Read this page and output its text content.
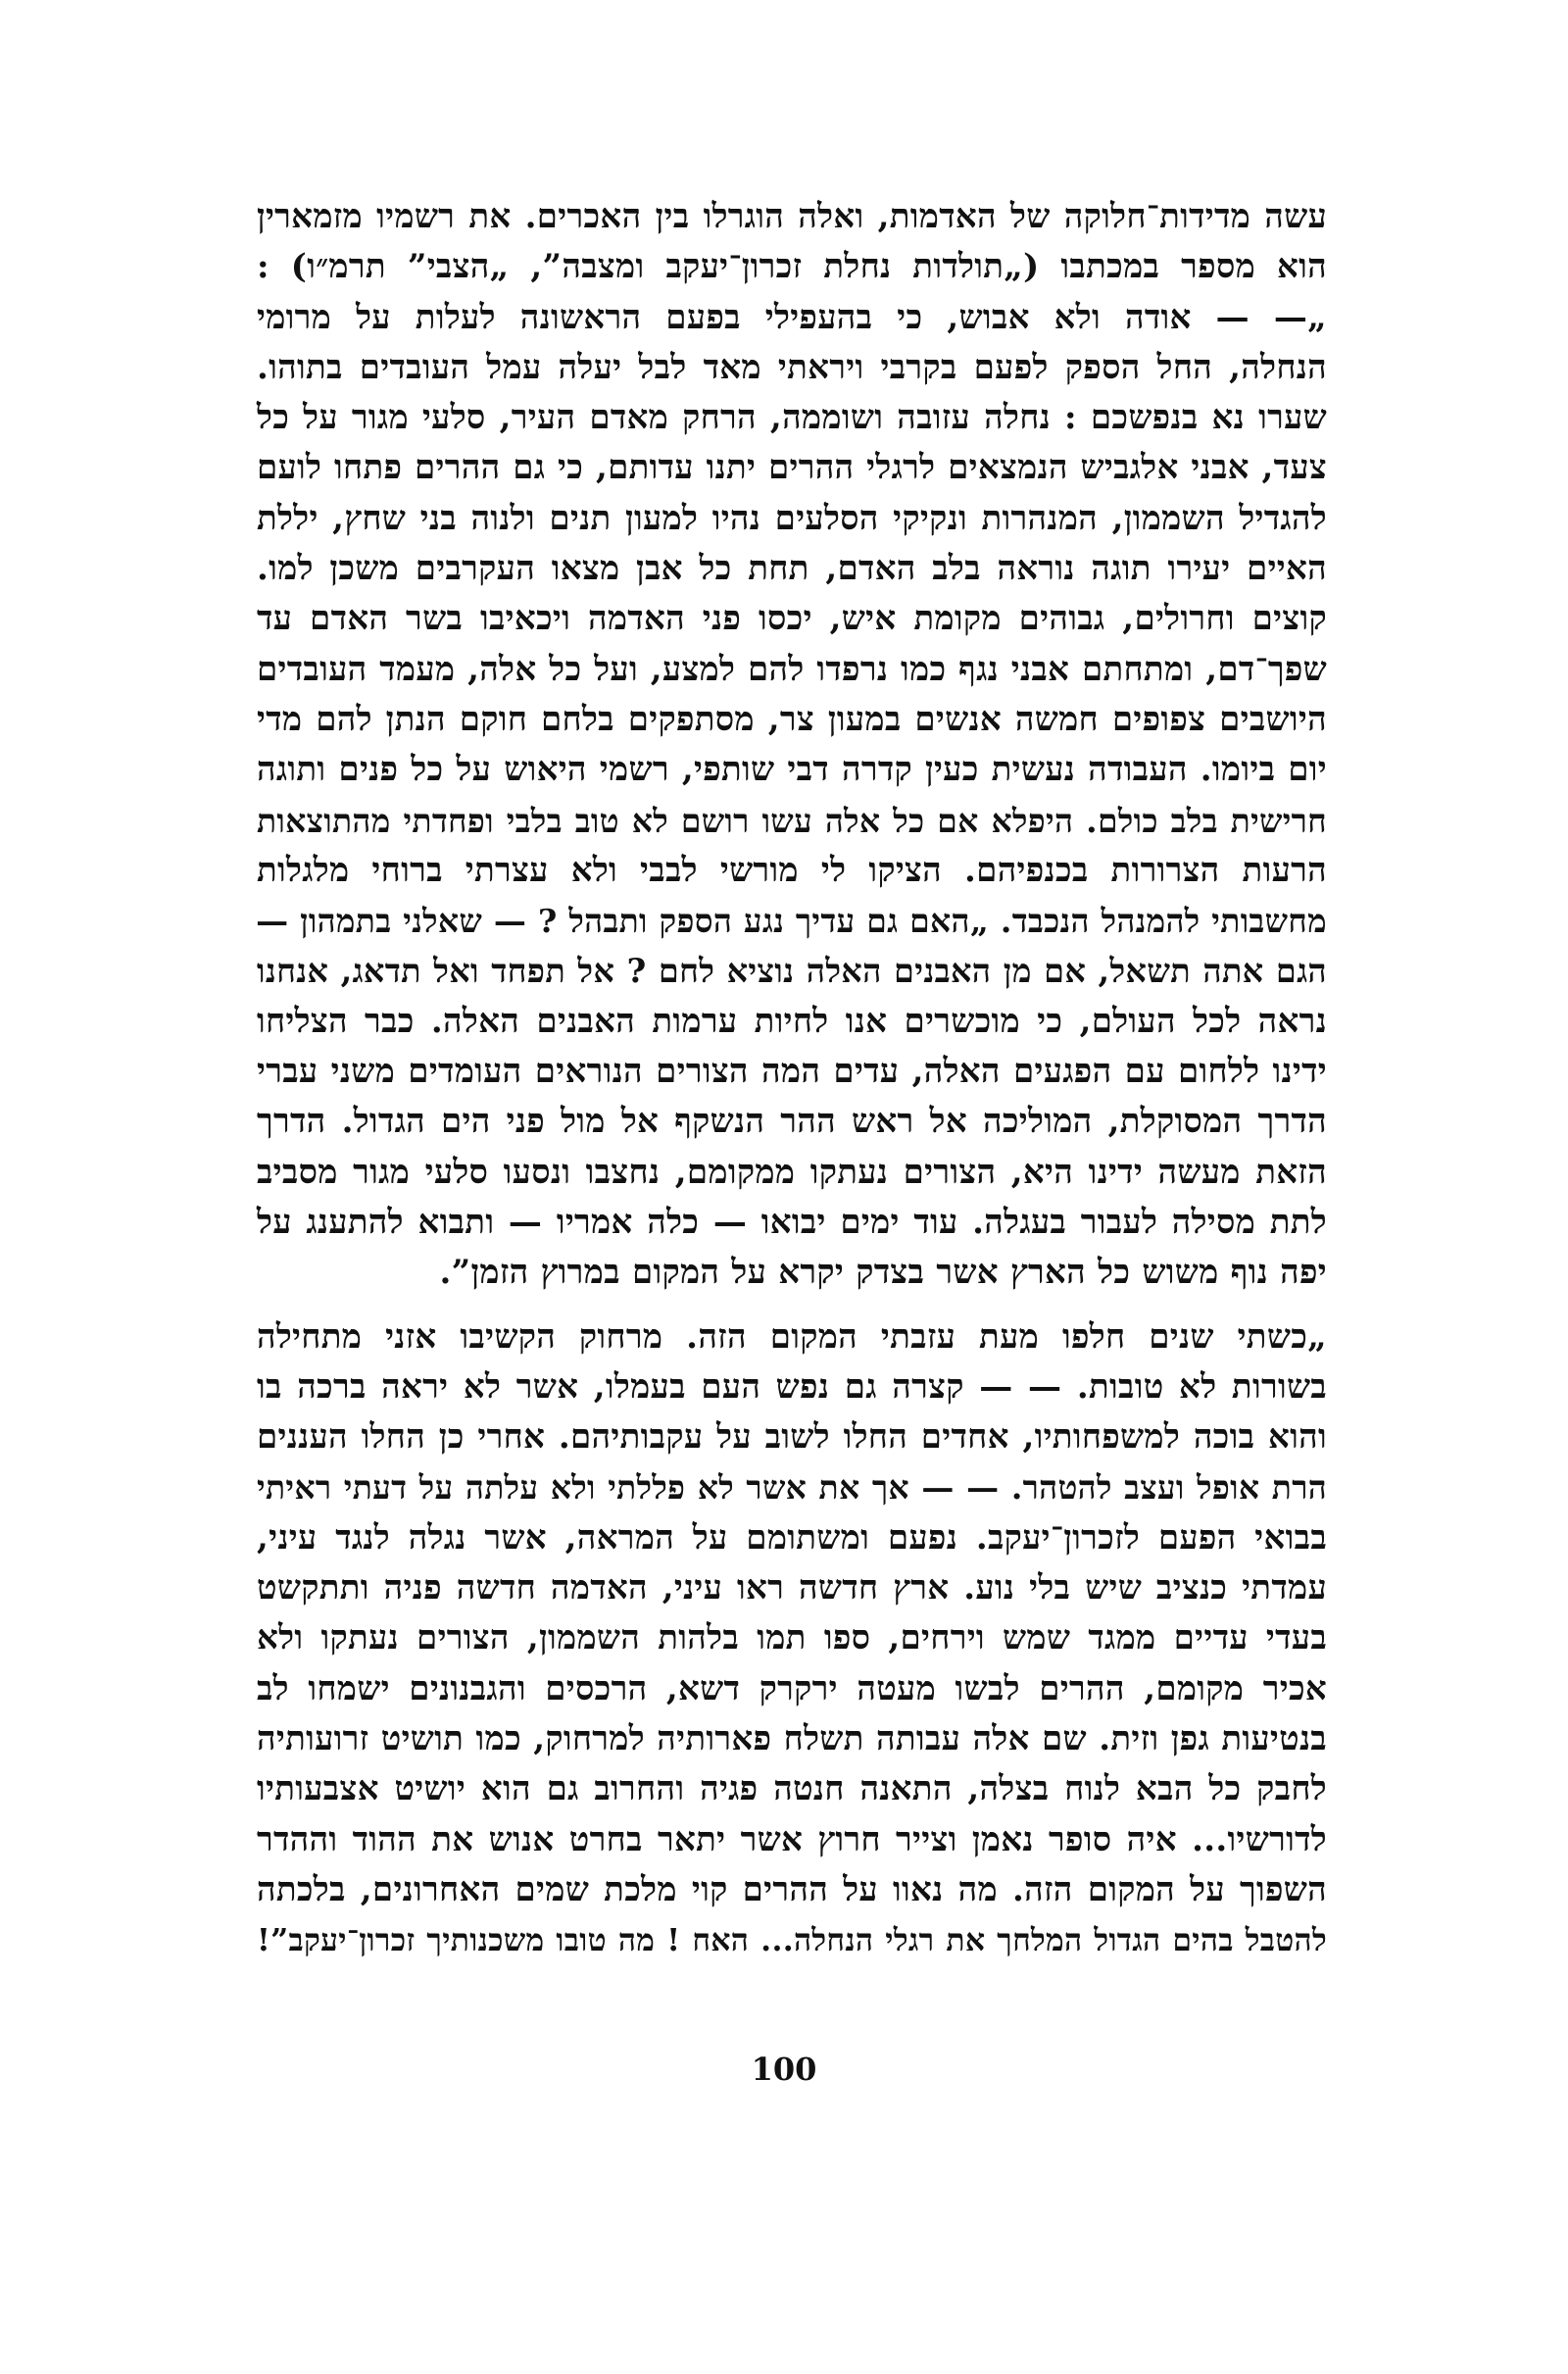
עשה מדידות־חלוקה של האדמות, ואלה הוגרלו בין האכרים. את רשמיו מזמארין
הוא מספר במכתבו („תולדות נחלת זכרון־יעקב ומצבה”, „הצבי” תרמ״ו) :
„— — אודה ולא אבוש, כי בהעפילי בפעם הראשונה לעלות על מרומי
הנחלה, החל הספק לפעם בקרבי ויראתי מאד לבל יעלה עמל העובדים בתוהו.
שערו נא בנפשכם : נחלה עזובה ושוממה, הרחק מאדם העיר, סלעי מגור על כל
צעד, אבני אלגביש הנמצאים לרגלי ההרים יתנו עדותם, כי גם ההרים פתחו לועם
להגדיל השממון, המנהרות ונקיקי הסלעים נהיו למעון תנים ולנוה בני שחץ, יללת
האיים יעירו תוגה נוראה בלב האדם, תחת כל אבן מצאו העקרבים משכן למו.
קוצים וחרולים, גבוהים מקומת איש, יכסו פני האדמה ויכאיבו בשר האדם עד
שפך־דם, ומתחתם אבני נגף כמו נרפדו להם למצע, ועל כל אלה, מעמד העובדים
היושבים צפופים חמשה אנשים במעון צר, מסתפקים בלחם חוקם הנתן להם מדי
יום ביומו. העבודה נעשית כעין קדרה דבי שותפי, רשמי היאוש על כל פנים ותוגה
חרישית בלב כולם. היפלא אם כל אלה עשו רושם לא טוב בלבי ופחדתי מהתוצאות
הרעות הצרורות בכנפיהם. הציקו לי מורשי לבבי ולא עצרתי ברוחי מלגלות
מחשבותי להמנהל הנכבד. „האם גם עדיך נגע הספק ותבהל ? — שאלני בתמהון —
הגם אתה תשאל, אם מן האבנים האלה נוציא לחם ? אל תפחד ואל תדאג, אנחנו
נראה לכל העולם, כי מוכשרים אנו לחיות ערמות האבנים האלה. כבר הצליחו
ידינו ללחום עם הפגעים האלה, עדים המה הצורים הנוראים העומדים משני עברי
הדרך המסוקלת, המוליכה אל ראש ההר הנשקף אל מול פני הים הגדול. הדרך
הזאת מעשה ידינו היא, הצורים נעתקו ממקומם, נחצבו ונסעו סלעי מגור מסביב
לתת מסילה לעבור בעגלה. עוד ימים יבואו — כלה אמריו — ותבוא להתענג על
יפה נוף משוש כל הארץ אשר בצדק יקרא על המקום במרוץ הזמן”.
„כשתי שנים חלפו מעת עזבתי המקום הזה. מרחוק הקשיבו אזני מתחילה
בשורות לא טובות. — — קצרה גם נפש העם בעמלו, אשר לא יראה ברכה בו
והוא בוכה למשפחותיו, אחדים החלו לשוב על עקבותיהם. אחרי כן החלו העננים
הרת אופל ועצב להטהר. — — אך את אשר לא פללתי ולא עלתה על דעתי ראיתי
בבואי הפעם לזכרון־יעקב. נפעם ומשתומם על המראה, אשר נגלה לנגד עיני,
עמדתי כנציב שיש בלי נוע. ארץ חדשה ראו עיני, האדמה חדשה פניה ותתקשט
בעדי עדיים ממגד שמש וירחים, ספו תמו בלהות השממון, הצורים נעתקו ולא
אכיר מקומם, ההרים לבשו מעטה ירקרק דשא, הרכסים והגבנונים ישמחו לב
בנטיעות גפן וזית. שם אלה עבותה תשלח פארותיה למרחוק, כמו תושיט זרועותיה
לחבק כל הבא לנוח בצלה, התאנה חנטה פגיה והחרוב גם הוא יושיט אצבעותיו
לדורשיו... איה סופר נאמן וצייר חרוץ אשר יתאר בחרט אנוש את ההוד וההדר
השפוך על המקום הזה. מה נאוו על ההרים קוי מלכת שמים האחרונים, בלכתה
להטבל בהים הגדול המלחך את רגלי הנחלה... האח ! מה טובו משכנותיך זכרון־יעקב”!
100
